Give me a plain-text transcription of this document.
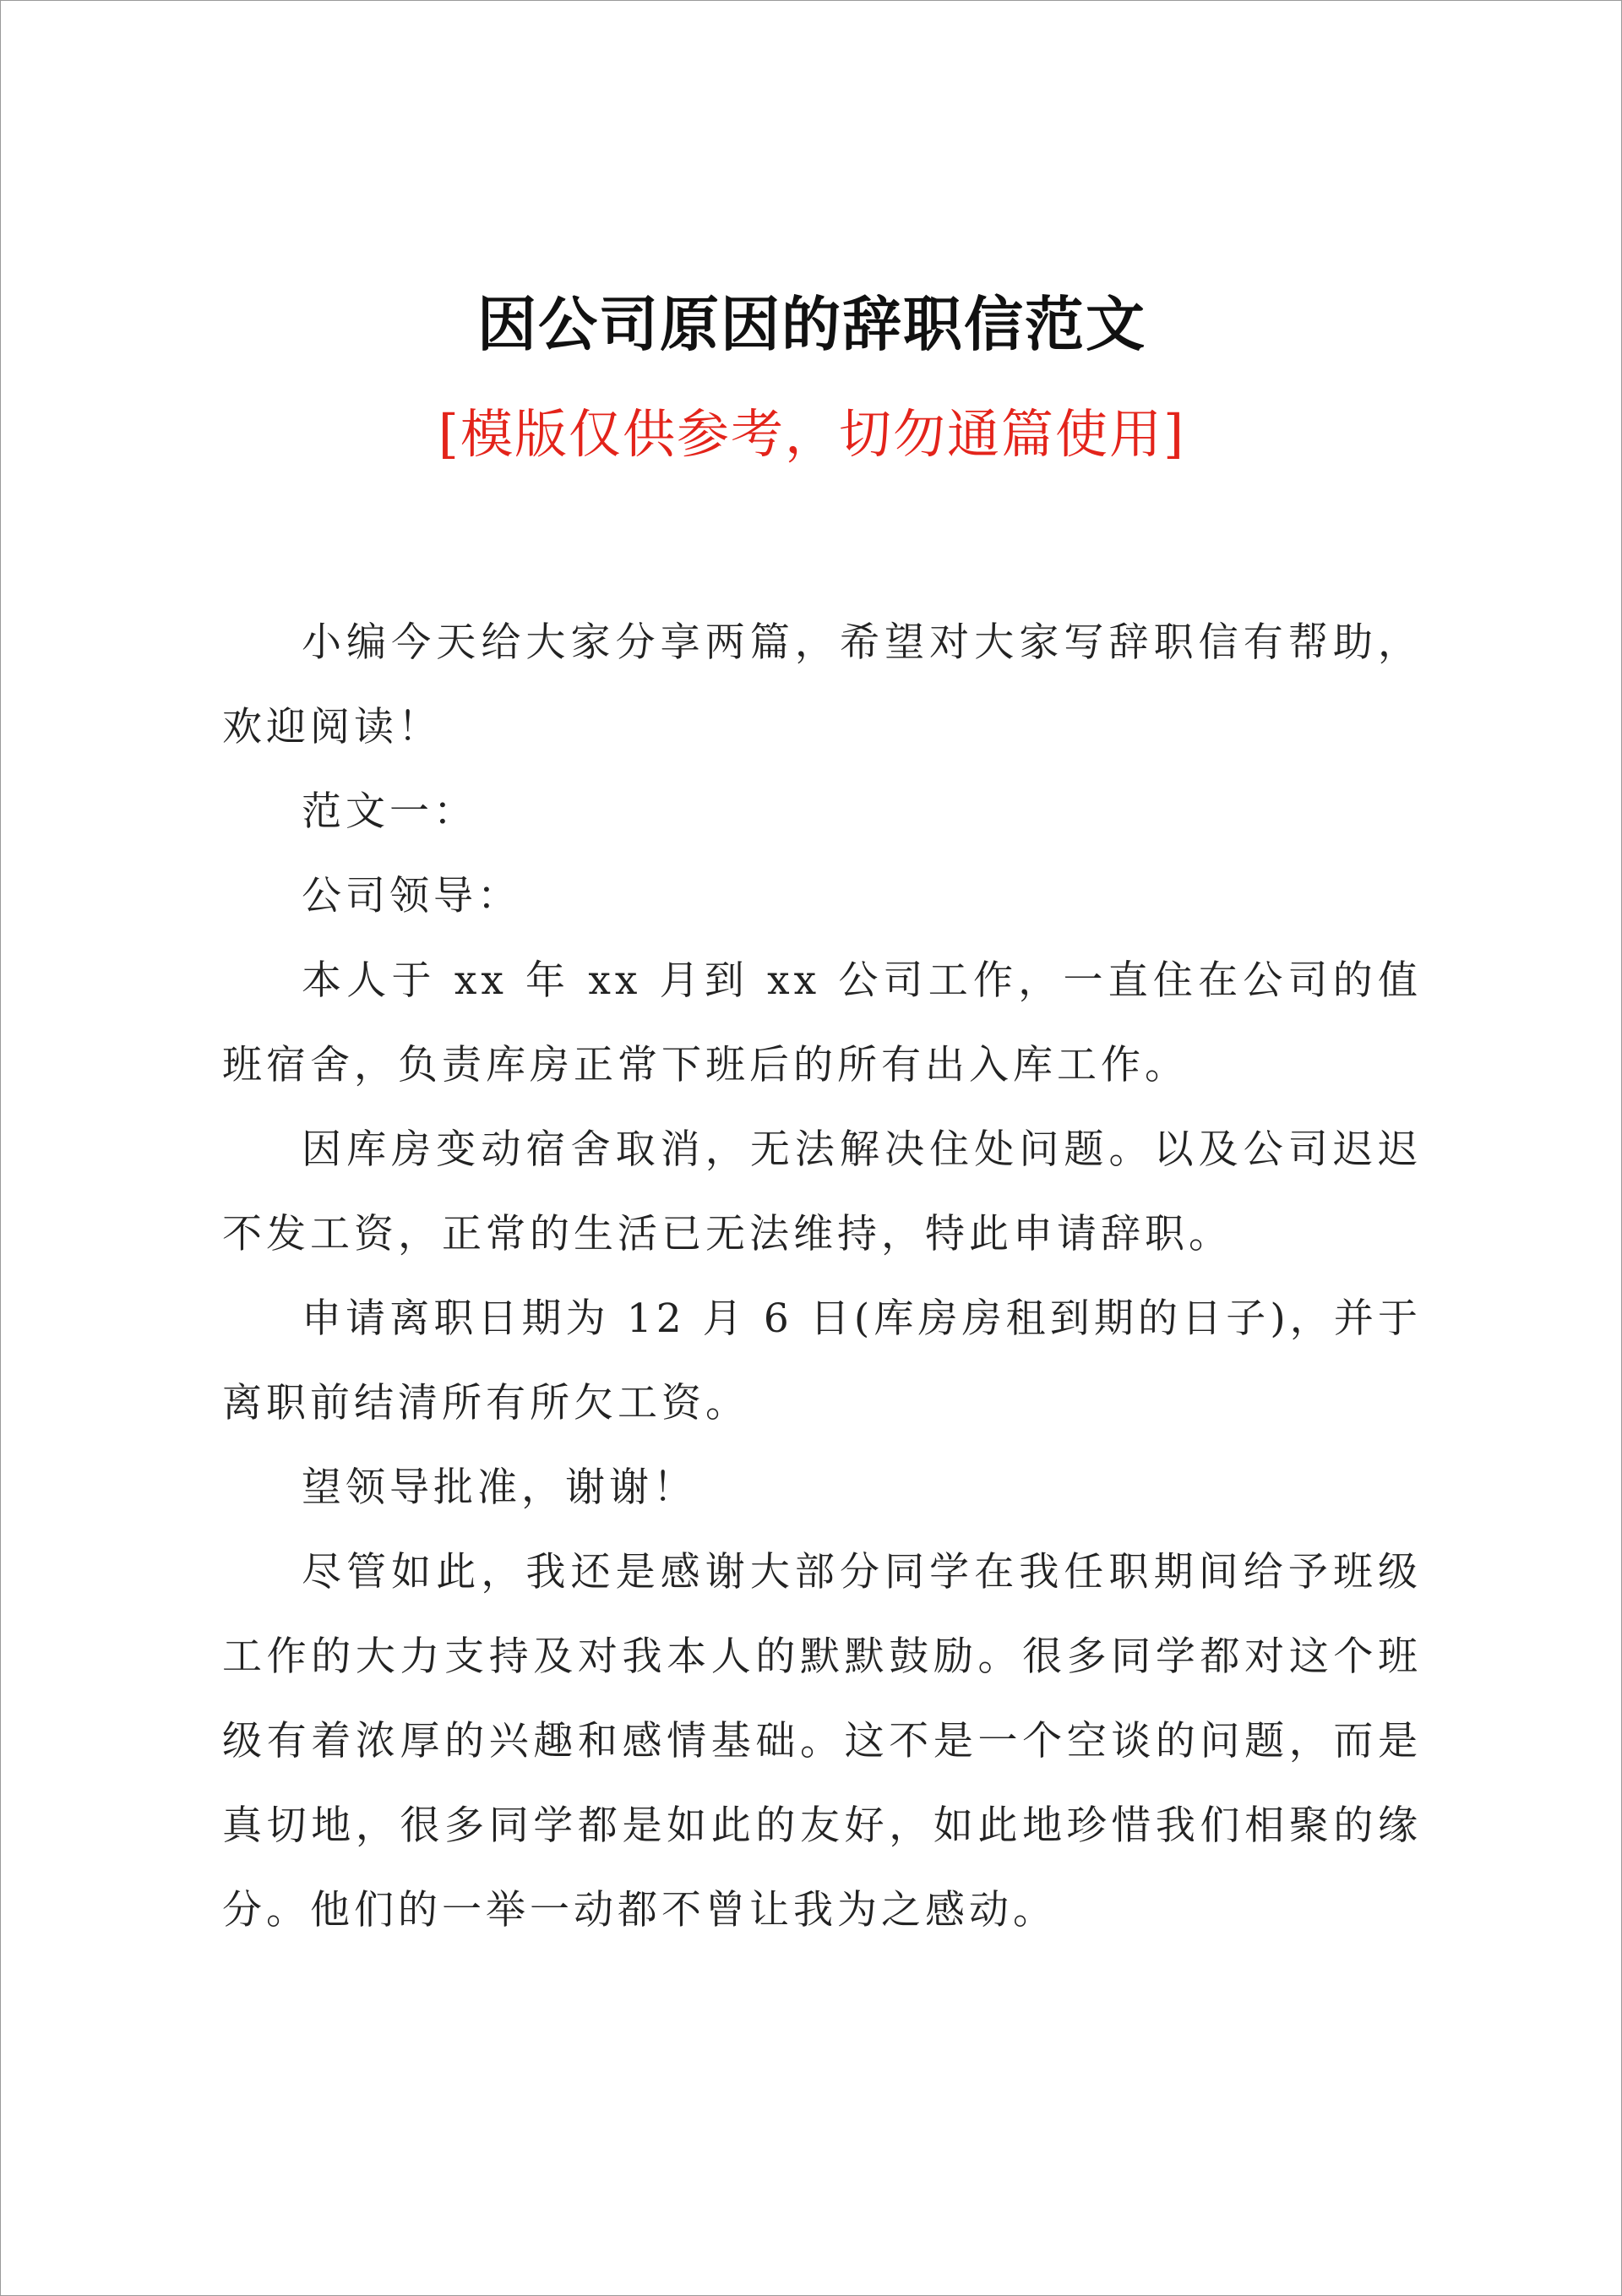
因公司原因的辞职信范文
[模版仅供参考，切勿通篇使用]

小编今天给大家分享两篇，希望对大家写辞职信有帮助，欢迎阅读！

范文一：

公司领导：

本人于 xx 年 xx 月到 xx 公司工作，一直住在公司的值班宿舍，负责库房正常下班后的所有出入库工作。

因库房变动宿舍取消，无法解决住处问题。以及公司迟迟不发工资，正常的生活已无法维持，特此申请辞职。

申请离职日期为 12 月 6 日(库房房租到期的日子)，并于离职前结清所有所欠工资。

望领导批准，谢谢！

尽管如此，我还是感谢大部分同学在我任职期间给予班级工作的大力支持及对我本人的默默鼓励。很多同学都对这个班级有着浓厚的兴趣和感情基础。这不是一个空谈的问题，而是真切地，很多同学都是如此的友好，如此地珍惜我们相聚的缘分。他们的一举一动都不曾让我为之感动。
